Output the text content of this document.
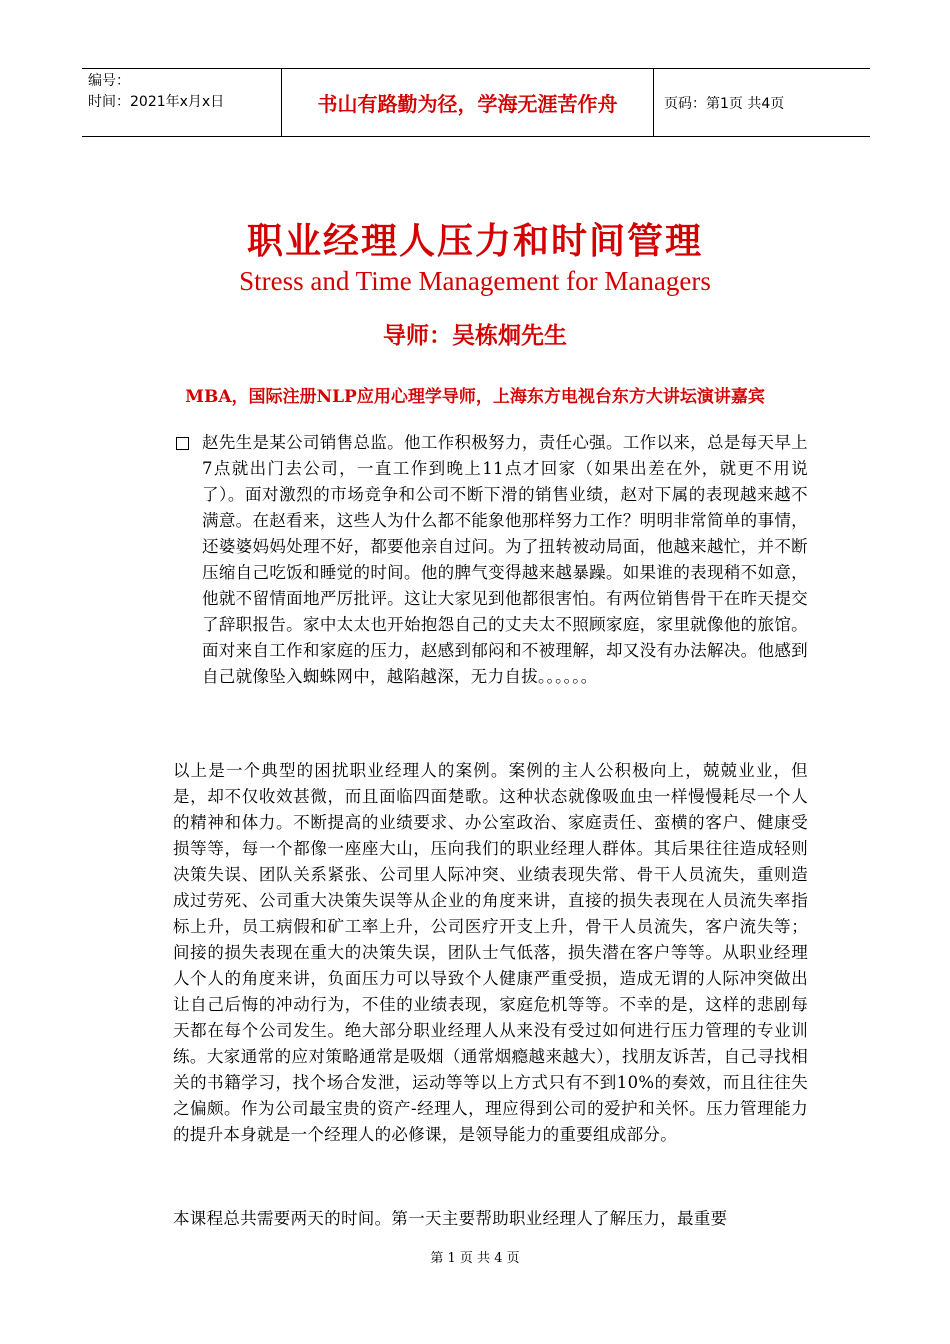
编号：
时间：2021年x月x日	书山有路勤为径，学海无涯苦作舟	页码：第1页 共4页
职业经理人压力和时间管理
Stress and Time Management for Managers
导师：吴栋炯先生
MBA，国际注册NLP应用心理学导师，上海东方电视台东方大讲坛演讲嘉宾
赵先生是某公司销售总监。他工作积极努力，责任心强。工作以来，总是每天早上7点就出门去公司，一直工作到晚上11点才回家（如果出差在外，就更不用说了）。面对激烈的市场竞争和公司不断下滑的销售业绩，赵对下属的表现越来越不满意。在赵看来，这些人为什么都不能象他那样努力工作？明明非常简单的事情，还婆婆妈妈处理不好，都要他亲自过问。为了扭转被动局面，他越来越忙，并不断压缩自己吃饭和睡觉的时间。他的脾气变得越来越暴躁。如果谁的表现稍不如意，他就不留情面地严厉批评。这让大家见到他都很害怕。有两位销售骨干在昨天提交了辞职报告。家中太太也开始抱怨自己的丈夫太不照顾家庭，家里就像他的旅馆。面对来自工作和家庭的压力，赵感到郁闷和不被理解，却又没有办法解决。他感到自己就像坠入蜘蛛网中，越陷越深，无力自拔。。。。。。
以上是一个典型的困扰职业经理人的案例。案例的主人公积极向上，兢兢业业，但是，却不仅收效甚微，而且面临四面楚歌。这种状态就像吸血虫一样慢慢耗尽一个人的精神和体力。不断提高的业绩要求、办公室政治、家庭责任、蛮横的客户、健康受损等等，每一个都像一座座大山，压向我们的职业经理人群体。其后果往往造成轻则决策失误、团队关系紧张、公司里人际冲突、业绩表现失常、骨干人员流失，重则造成过劳死、公司重大决策失误等从企业的角度来讲，直接的损失表现在人员流失率指标上升，员工病假和矿工率上升，公司医疗开支上升，骨干人员流失，客户流失等；间接的损失表现在重大的决策失误，团队士气低落，损失潜在客户等等。从职业经理人个人的角度来讲，负面压力可以导致个人健康严重受损，造成无谓的人际冲突做出让自己后悔的冲动行为，不佳的业绩表现，家庭危机等等。不幸的是，这样的悲剧每天都在每个公司发生。绝大部分职业经理人从来没有受过如何进行压力管理的专业训练。大家通常的应对策略通常是吸烟（通常烟瘾越来越大），找朋友诉苦，自己寻找相关的书籍学习，找个场合发泄，运动等等以上方式只有不到10%的奏效，而且往往失之偏颇。作为公司最宝贵的资产-经理人，理应得到公司的爱护和关怀。压力管理能力的提升本身就是一个经理人的必修课，是领导能力的重要组成部分。
本课程总共需要两天的时间。第一天主要帮助职业经理人了解压力，最重要
第 1 页 共 4 页
